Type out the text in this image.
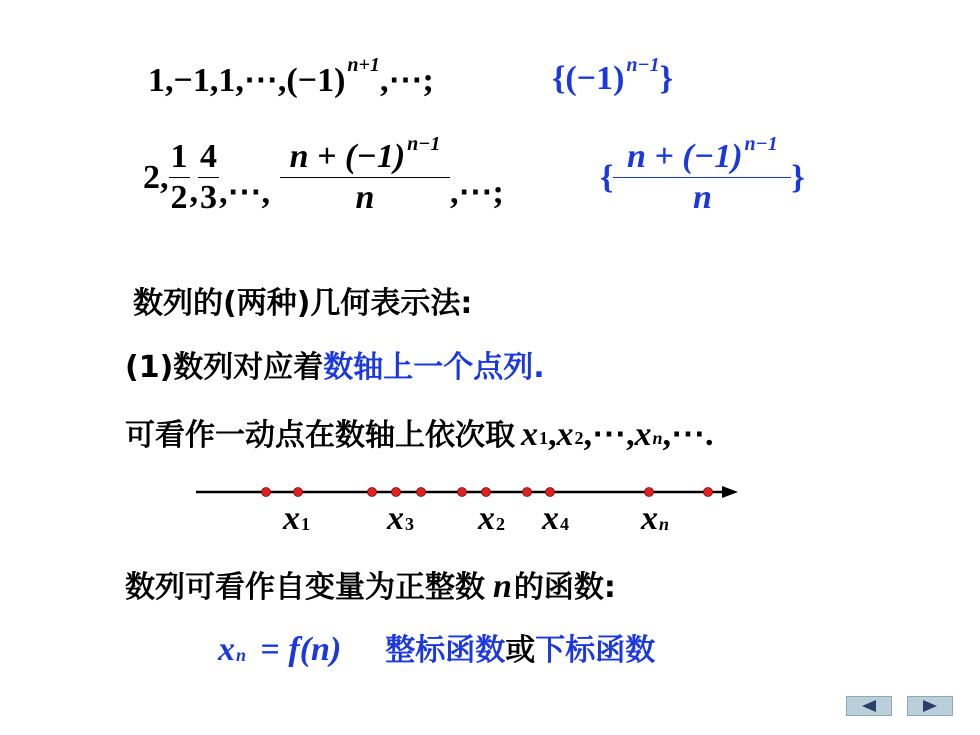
1,−1,1,⋯,(−1) $^{n+1}$,⋯;	{(−1) $^{n-1}$}
2, $\frac{1}{2}$ , $\frac{4}{3}$ ,⋯, $\frac{n + (-1) ^{n-1}}{n}$ ,⋯;	{ $\frac{n + (-1) ^{n-1}}{n}$ }
数列的(两种)几何表示法:
(1)数列对应着数轴上一个点列.
可看作一动点在数轴上依次取 $x_1,x_2,\cdots,x_n,\cdots$.
$x_1$ $x_3$ $x_2$ $x_4$ $x_n$
数列可看作自变量为正整数 n 的函数:
$x_n = f(n)$ 整标函数或下标函数
